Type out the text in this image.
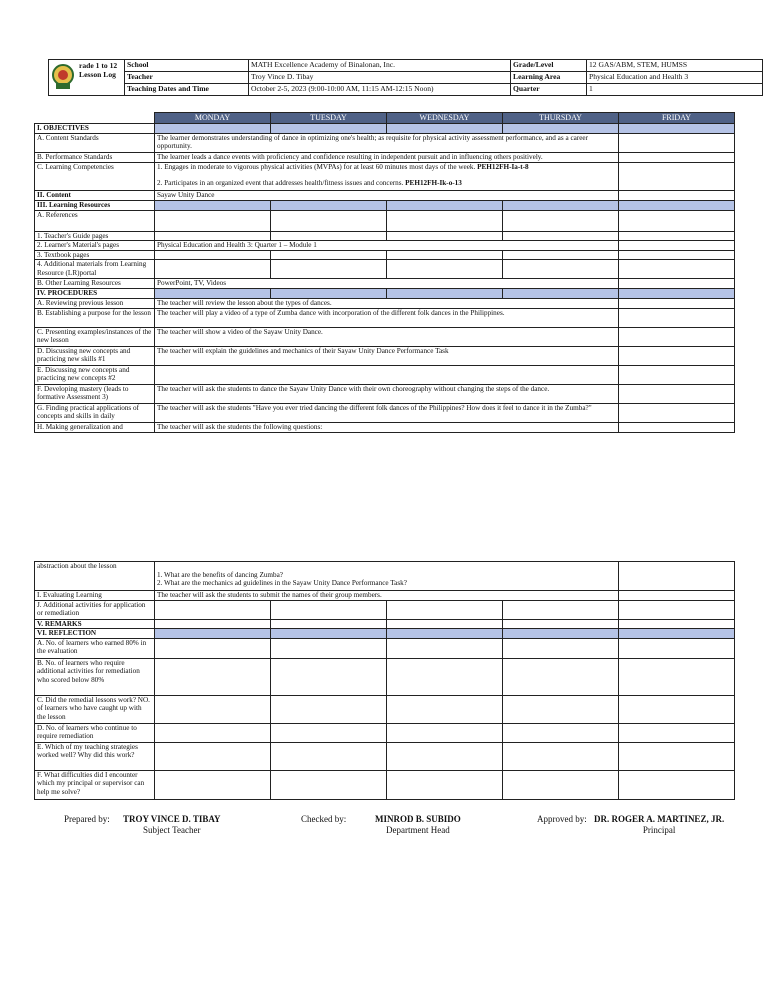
rade 1 to 12
Lesson Log	School	MATH Excellence Academy of Binalonan, Inc.	Grade/Level	12 GAS/ABM, STEM, HUMSS
	Teacher	Troy Vince D. Tibay	Learning Area	Physical Education and Health 3
	Teaching Dates and Time	October 2-5, 2023 (9:00-10:00 AM, 11:15 AM-12:15 Noon)	Quarter	1
	MONDAY	TUESDAY	WEDNESDAY	THURSDAY	FRIDAY
I. OBJECTIVES					
A. Content Standards	The learner demonstrates understanding of dance in optimizing one's health; as requisite for physical activity assessment performance, and as a career opportunity.				
B. Performance Standards	The learner leads a dance events with proficiency and confidence resulting in independent pursuit and in influencing others positively.				
C. Learning Competencies	1. Engages in moderate to vigorous physical activities (MVPAs) for at least 60 minutes most days of the week. PEH12FH-Ia-t-8
2. Participates in an organized event that addresses health/fitness issues and concerns. PEH12FH-Ik-o-13				
II. Content	Sayaw Unity Dance				
III. Learning Resources					
A. References					
1. Teacher's Guide pages					
2. Learner's Material's pages	Physical Education and Health 3: Quarter 1 – Module 1				
3. Textbook pages					
4. Additional materials from Learning Resource (LR)portal					
B. Other Learning Resources	PowerPoint, TV, Videos				
IV. PROCEDURES					
A. Reviewing previous lesson	The teacher will review the lesson about the types of dances.				
B. Establishing a purpose for the lesson	The teacher will play a video of a type of Zumba dance with incorporation of the different folk dances in the Philippines.				
C. Presenting examples/instances of the new lesson	The teacher will show a video of the Sayaw Unity Dance.				
D. Discussing new concepts and practicing new skills #1	The teacher will explain the guidelines and mechanics of their Sayaw Unity Dance Performance Task				
E. Discussing new concepts and practicing new concepts #2					
F. Developing mastery (leads to formative Assessment 3)	The teacher will ask the students to dance the Sayaw Unity Dance with their own choreography without changing the steps of the dance.				
G. Finding practical applications of concepts and skills in daily	The teacher will ask the students "Have you ever tried dancing the different folk dances of the Philippines? How does it feel to dance it in the Zumba?"				
H. Making generalization and	The teacher will ask the students the following questions:				
abstraction about the lesson	1. What are the benefits of dancing Zumba?
2. What are the mechanics ad guidelines in the Sayaw Unity Dance Performance Task?				

I. Evaluating Learning	The teacher will ask the students to submit the names of their group members.				
J. Additional activities for application or remediation					
V. REMARKS					
VI. REFLECTION					
A. No. of learners who earned 80% in the evaluation					
B. No. of learners who require additional activities for remediation who scored below 80%					
C. Did the remedial lessons work? NO. of learners who have caught up with the lesson					
D. No. of learners who continue to require remediation					
E. Which of my teaching strategies worked well? Why did this work?					
F. What difficulties did I encounter which my principal or supervisor can help me solve?					
Prepared by: TROY VINCE D. TIBAY
Subject Teacher
Checked by:	MINROD B. SUBIDO
Department Head
Approved by: DR. ROGER A. MARTINEZ, JR.
Principal
